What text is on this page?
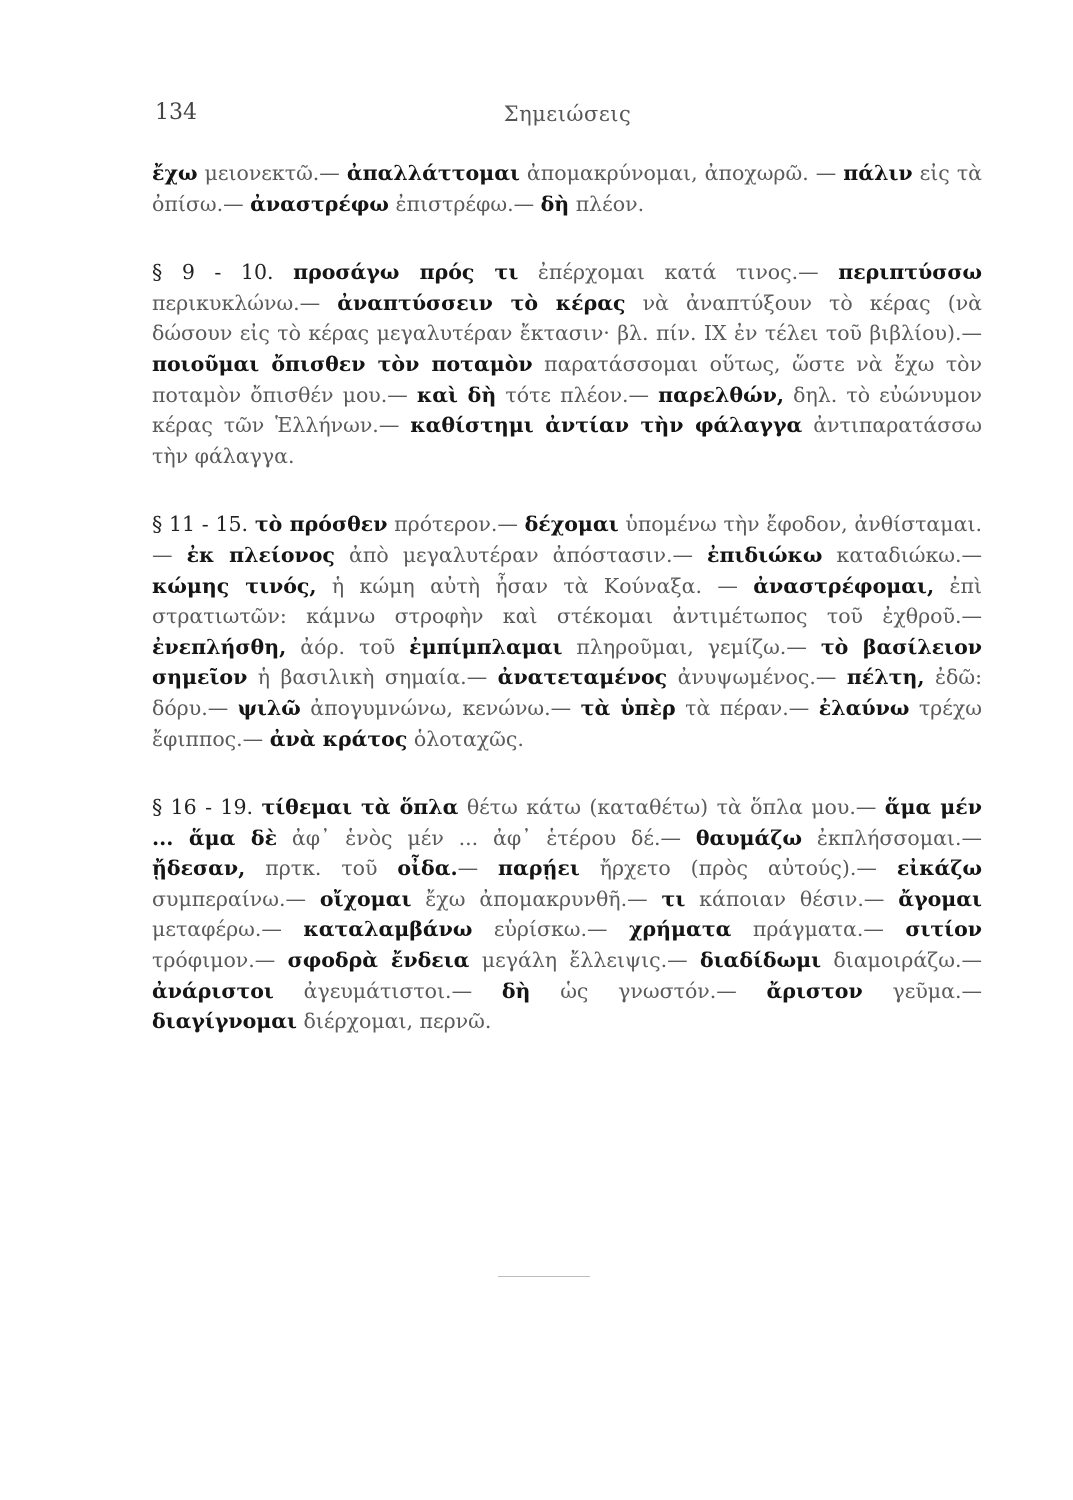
134	Σημειώσεις

ἔχω μειονεκτῶ.— ἀπαλλάττομαι ἀπομακρύνομαι, ἀποχωρῶ. — πάλιν εἰς τὰ ὀπίσω.— ἀναστρέφω ἐπιστρέφω.— δὴ πλέον.

§ 9 - 10. προσάγω πρός τι ἐπέρχομαι κατά τινος.— περιπτύσσω περικυκλώνω.— ἀναπτύσσειν τὸ κέρας νὰ ἀναπτύξουν τὸ κέρας (νὰ δώσουν εἰς τὸ κέρας μεγαλυτέραν ἔκτασιν· βλ. πίν. IX ἐν τέλει τοῦ βιβλίου).— ποιοῦμαι ὄπισθεν τὸν ποταμὸν παρατάσσομαι οὕτως, ὥστε νὰ ἔχω τὸν ποταμὸν ὄπισθέν μου.— καὶ δὴ τότε πλέον.— παρελθών, δηλ. τὸ εὐώνυμον κέρας τῶν Ἑλλήνων.— καθίστημι ἀντίαν τὴν φάλαγγα ἀντιπαρατάσσω τὴν φάλαγγα.

§ 11 - 15. τὸ πρόσθεν πρότερον.— δέχομαι ὑπομένω τὴν ἔφοδον, ἀνθίσταμαι.— ἐκ πλείονος ἀπὸ μεγαλυτέραν ἀπόστασιν.— ἐπιδιώκω καταδιώκω.— κώμης τινός, ἡ κώμη αὐτὴ ἦσαν τὰ Κούναξα. — ἀναστρέφομαι, ἐπὶ στρατιωτῶν: κάμνω στροφὴν καὶ στέκομαι ἀντιμέτωπος τοῦ ἐχθροῦ.— ἐνεπλήσθη, ἀόρ. τοῦ ἐμπίμπλαμαι πληροῦμαι, γεμίζω.— τὸ βασίλειον σημεῖον ἡ βασιλικὴ σημαία.— ἀνατεταμένος ἀνυψωμένος.— πέλτη, ἐδῶ: δόρυ.— ψιλῶ ἀπογυμνώνω, κενώνω.— τὰ ὑπὲρ τὰ πέραν.— ἐλαύνω τρέχω ἔφιππος.— ἀνὰ κράτος ὁλοταχῶς.

§ 16 - 19. τίθεμαι τὰ ὅπλα θέτω κάτω (καταθέτω) τὰ ὅπλα μου.— ἅμα μέν ... ἅμα δὲ ἀφ᾿ ἑνὸς μέν ... ἀφ᾿ ἑτέρου δέ.— θαυμάζω ἐκπλήσσομαι.— ᾔδεσαν, πρτκ. τοῦ οἶδα.— παρῄει ἤρχετο (πρὸς αὐτούς).— εἰκάζω συμπεραίνω.— οἴχομαι ἔχω ἀπομακρυνθῆ.— τι κάποιαν θέσιν.— ἄγομαι μεταφέρω.— καταλαμβάνω εὑρίσκω.— χρήματα πράγματα.— σιτίον τρόφιμον.— σφοδρὰ ἔνδεια μεγάλη ἔλλειψις.— διαδίδωμι διαμοιράζω.— ἀνάριστοι ἀγευμάτιστοι.— δὴ ὡς γνωστόν.— ἄριστον γεῦμα.— διαγίγνομαι διέρχομαι, περνῶ.
